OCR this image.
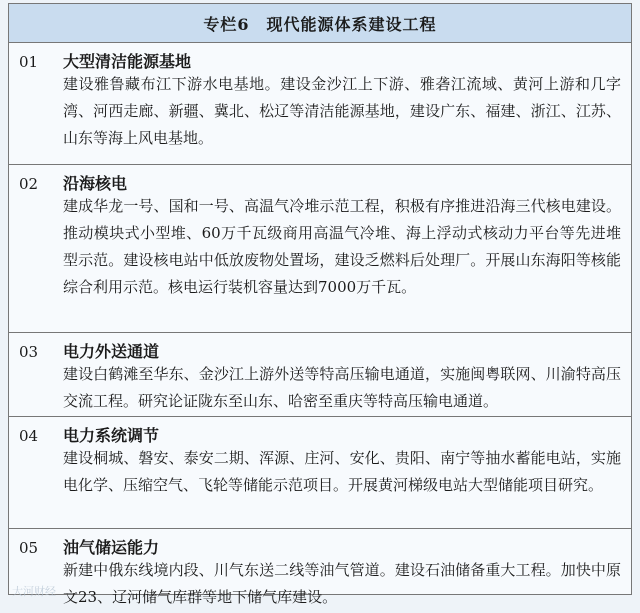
专栏6　现代能源体系建设工程
01	大型清洁能源基地
建设雅鲁藏布江下游水电基地。建设金沙江上下游、雅砻江流域、黄河上游和几字湾、河西走廊、新疆、冀北、松辽等清洁能源基地，建设广东、福建、浙江、江苏、山东等海上风电基地。
02	沿海核电
建成华龙一号、国和一号、高温气冷堆示范工程，积极有序推进沿海三代核电建设。推动模块式小型堆、60万千瓦级商用高温气冷堆、海上浮动式核动力平台等先进堆型示范。建设核电站中低放废物处置场，建设乏燃料后处理厂。开展山东海阳等核能综合利用示范。核电运行装机容量达到7000万千瓦。
03	电力外送通道
建设白鹤滩至华东、金沙江上游外送等特高压输电通道，实施闽粤联网、川渝特高压交流工程。研究论证陇东至山东、哈密至重庆等特高压输电通道。
04	电力系统调节
建设桐城、磐安、泰安二期、浑源、庄河、安化、贵阳、南宁等抽水蓄能电站，实施电化学、压缩空气、飞轮等储能示范项目。开展黄河梯级电站大型储能项目研究。
05	油气储运能力
新建中俄东线境内段、川气东送二线等油气管道。建设石油储备重大工程。加快中原文23、辽河储气库群等地下储气库建设。
大河财经
